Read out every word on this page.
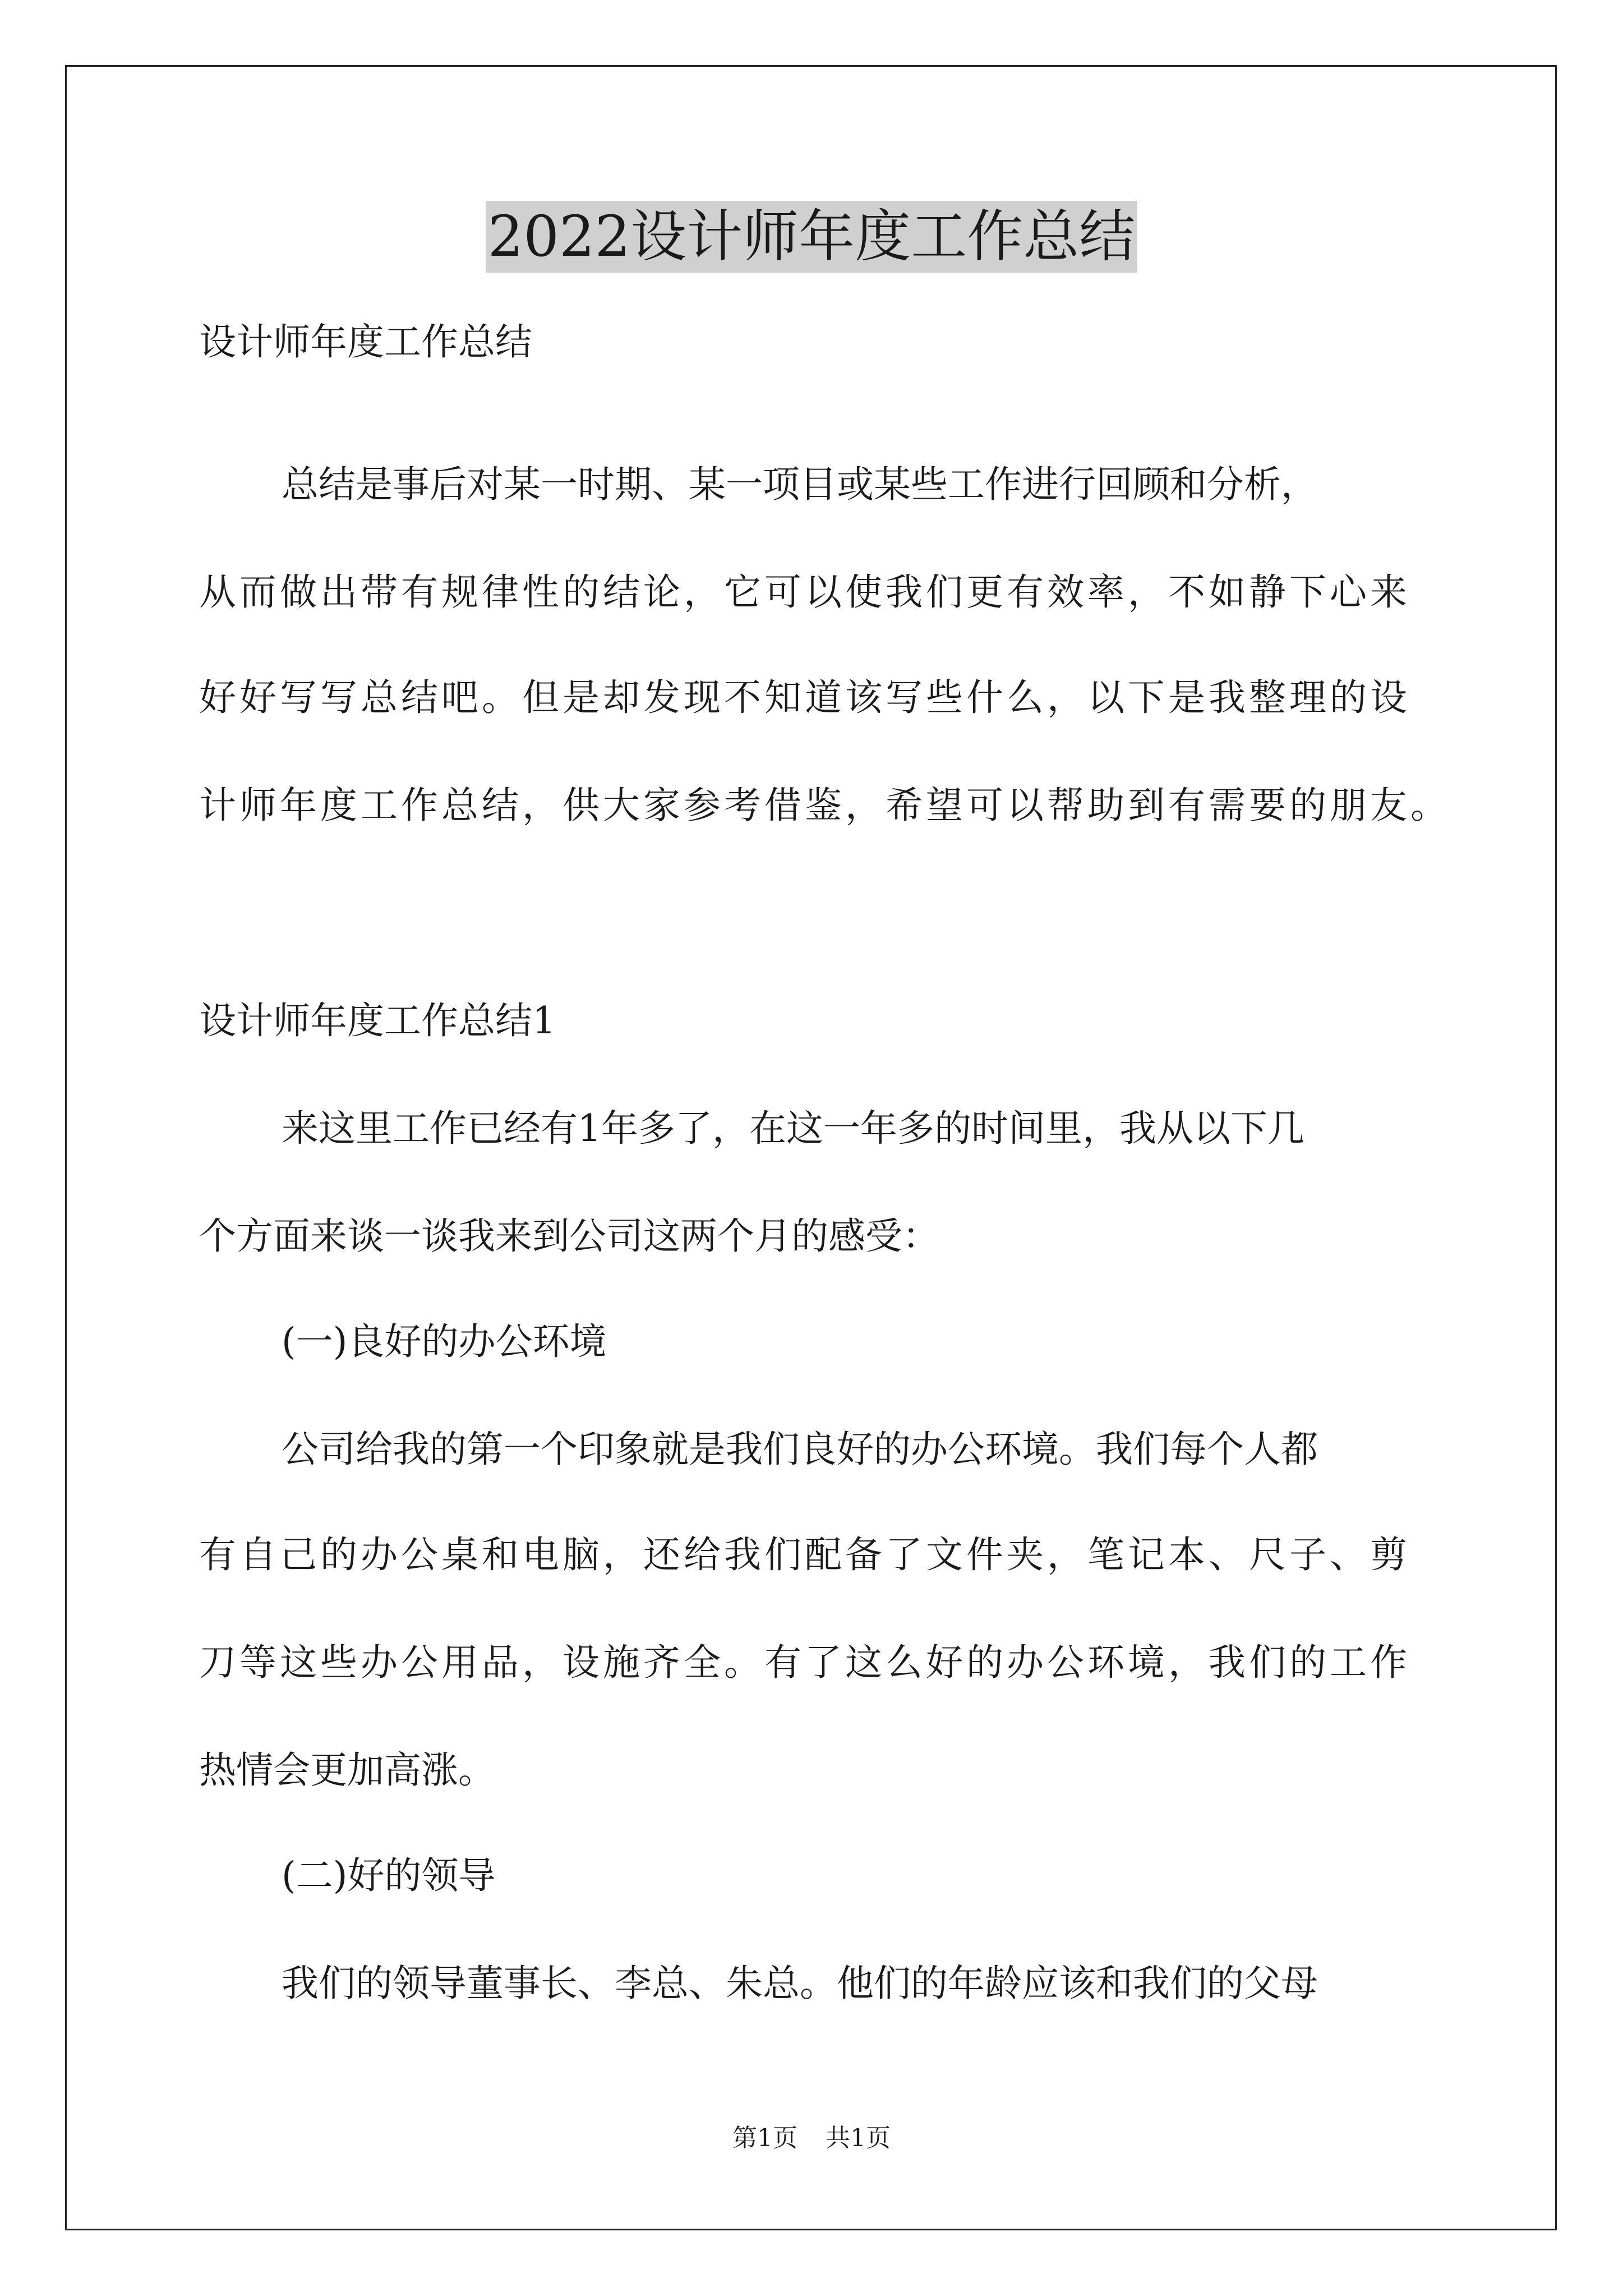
2022设计师年度工作总结

设计师年度工作总结

总结是事后对某一时期、某一项目或某些工作进行回顾和分析，

从而做出带有规律性的结论，它可以使我们更有效率，不如静下心来

好好写写总结吧。但是却发现不知道该写些什么，以下是我整理的设

计师年度工作总结，供大家参考借鉴，希望可以帮助到有需要的朋友。

设计师年度工作总结1

来这里工作已经有1年多了，在这一年多的时间里，我从以下几

个方面来谈一谈我来到公司这两个月的感受：

(一)良好的办公环境

公司给我的第一个印象就是我们良好的办公环境。我们每个人都

有自己的办公桌和电脑，还给我们配备了文件夹，笔记本、尺子、剪

刀等这些办公用品，设施齐全。有了这么好的办公环境，我们的工作

热情会更加高涨。

(二)好的领导

我们的领导董事长、李总、朱总。他们的年龄应该和我们的父母

第1页 共1页
